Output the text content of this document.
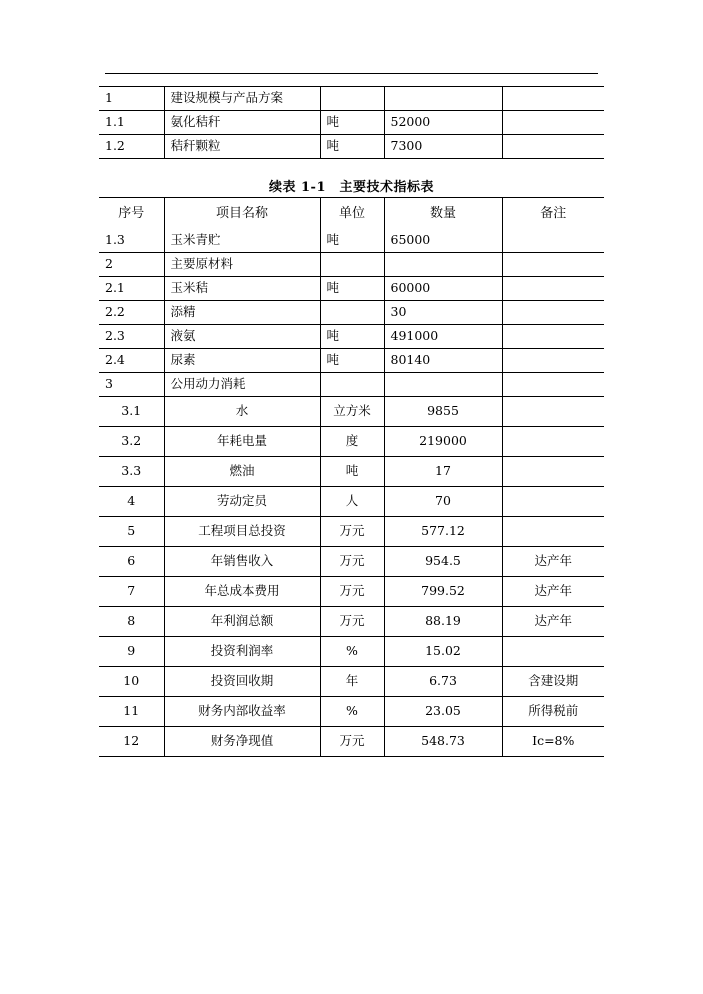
1	建设规模与产品方案			
1.1	氨化秸秆	吨	52000	
1.2	秸秆颗粒	吨	7300	
续表 1-1　主要技术指标表
序号	项目名称	单位	数量	备注
1.3	玉米青贮	吨	65000	
2	主要原材料			
2.1	玉米秸	吨	60000	
2.2	添精		30	
2.3	液氨	吨	491000	
2.4	尿素	吨	80140	
3	公用动力消耗			
3.1	水	立方米	9855	
3.2	年耗电量	度	219000	
3.3	燃油	吨	17	
4	劳动定员	人	70	
5	工程项目总投资	万元	577.12	
6	年销售收入	万元	954.5	达产年
7	年总成本费用	万元	799.52	达产年
8	年利润总额	万元	88.19	达产年
9	投资利润率	%	15.02	
10	投资回收期	年	6.73	含建设期
11	财务内部收益率	%	23.05	所得税前
12	财务净现值	万元	548.73	Ic=8%
